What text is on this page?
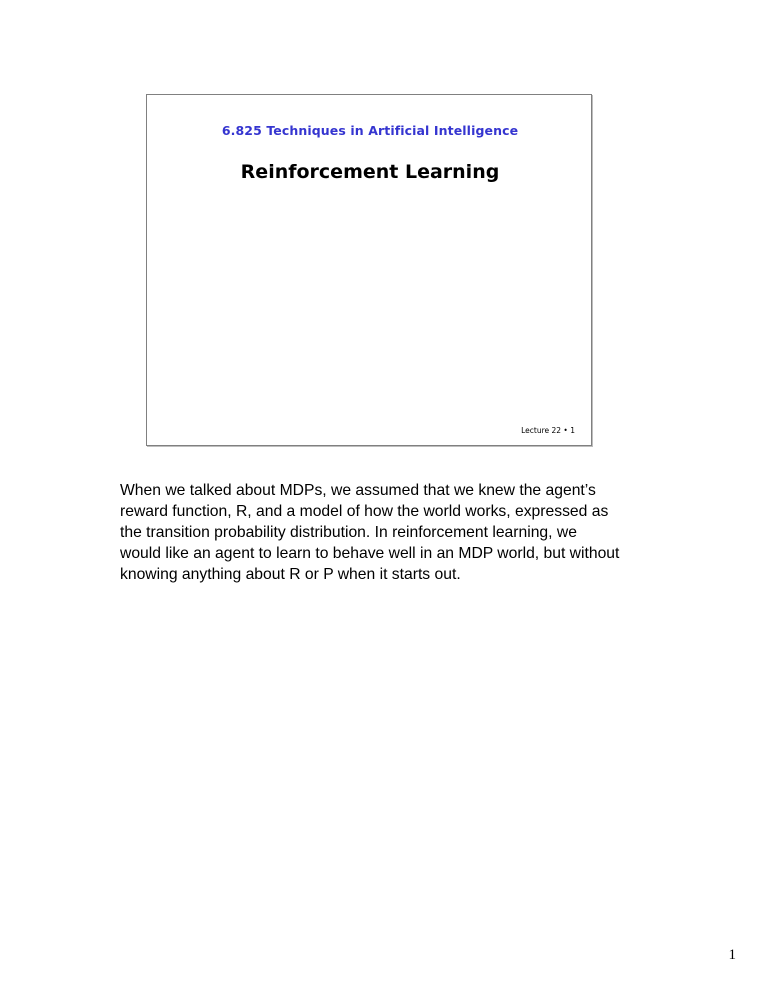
6.825 Techniques in Artificial Intelligence
Reinforcement Learning
Lecture 22 • 1

When we talked about MDPs, we assumed that we knew the agent’s reward function, R, and a model of how the world works, expressed as the transition probability distribution. In reinforcement learning, we would like an agent to learn to behave well in an MDP world, but without knowing anything about R or P when it starts out.

1
